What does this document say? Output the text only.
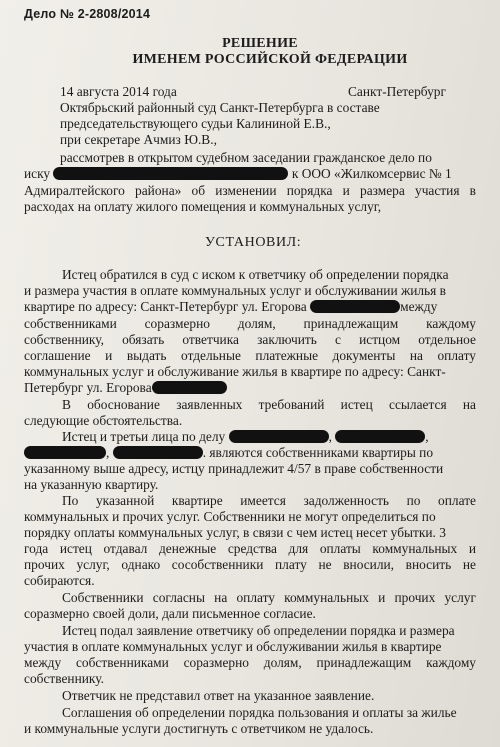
Дело № 2-2808/2014
РЕШЕНИЕ
ИМЕНЕМ РОССИЙСКОЙ ФЕДЕРАЦИИ
14 августа 2014 года	Санкт-Петербург
Октябрьский районный суд Санкт-Петербурга в составе
председательствующего судьи Калининой Е.В.,
при секретаре Ачмиз Ю.В.,
рассмотрев в открытом судебном заседании гражданское дело по
иску	к ООО «Жилкомсервис № 1
Адмиралтейского района» об изменении порядка и размера участия в
расходах на оплату жилого помещения и коммунальных услуг,
УСТАНОВИЛ:
Истец обратился в суд с иском к ответчику об определении порядка
и размера участия в оплате коммунальных услуг и обслуживании жилья в
квартире по адресу: Санкт-Петербург ул. Егорова	между
собственниками соразмерно долям, принадлежащим каждому
собственнику, обязать ответчика заключить с истцом отдельное
соглашение и выдать отдельные платежные документы на оплату
коммунальных услуг и обслуживание жилья в квартире по адресу: Санкт-
Петербург ул. Егорова
В обоснование заявленных требований истец ссылается на
следующие обстоятельства.
Истец и третьи лица по делу	,	,
,	. являются собственниками квартиры по
указанному выше адресу, истцу принадлежит 4/57 в праве собственности
на указанную квартиру.
По указанной квартире имеется задолженность по оплате
коммунальных и прочих услуг. Собственники не могут определиться по
порядку оплаты коммунальных услуг, в связи с чем истец несет убытки. 3
года истец отдавал денежные средства для оплаты коммунальных и
прочих услуг, однако сособственники плату не вносили, вносить не
собираются.
Собственники согласны на оплату коммунальных и прочих услуг
соразмерно своей доли, дали письменное согласие.
Истец подал заявление ответчику об определении порядка и размера
участия в оплате коммунальных услуг и обслуживании жилья в квартире
между собственниками соразмерно долям, принадлежащим каждому
собственнику.
Ответчик не представил ответ на указанное заявление.
Соглашения об определении порядка пользования и оплаты за жилье
и коммунальные услуги достигнуть с ответчиком не удалось.
